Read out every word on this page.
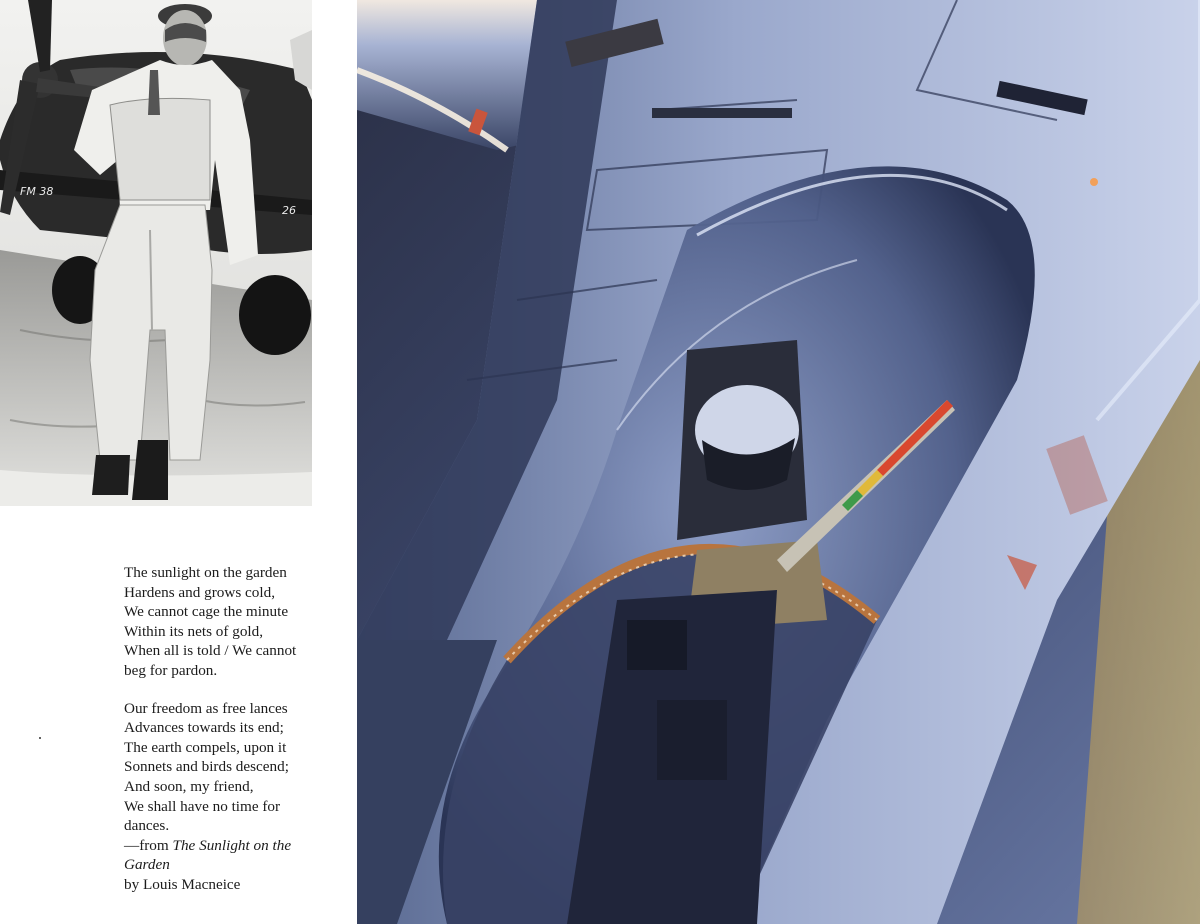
FM 38
26
The sunlight on the garden
Hardens and grows cold,
We cannot cage the minute
Within its nets of gold,
When all is told / We cannot
beg for pardon.
Our freedom as free lances
Advances towards its end;
The earth compels, upon it
Sonnets and birds descend;
And soon, my friend,
We shall have no time for
dances.
—from The Sunlight on the Garden
by Louis Macneice
